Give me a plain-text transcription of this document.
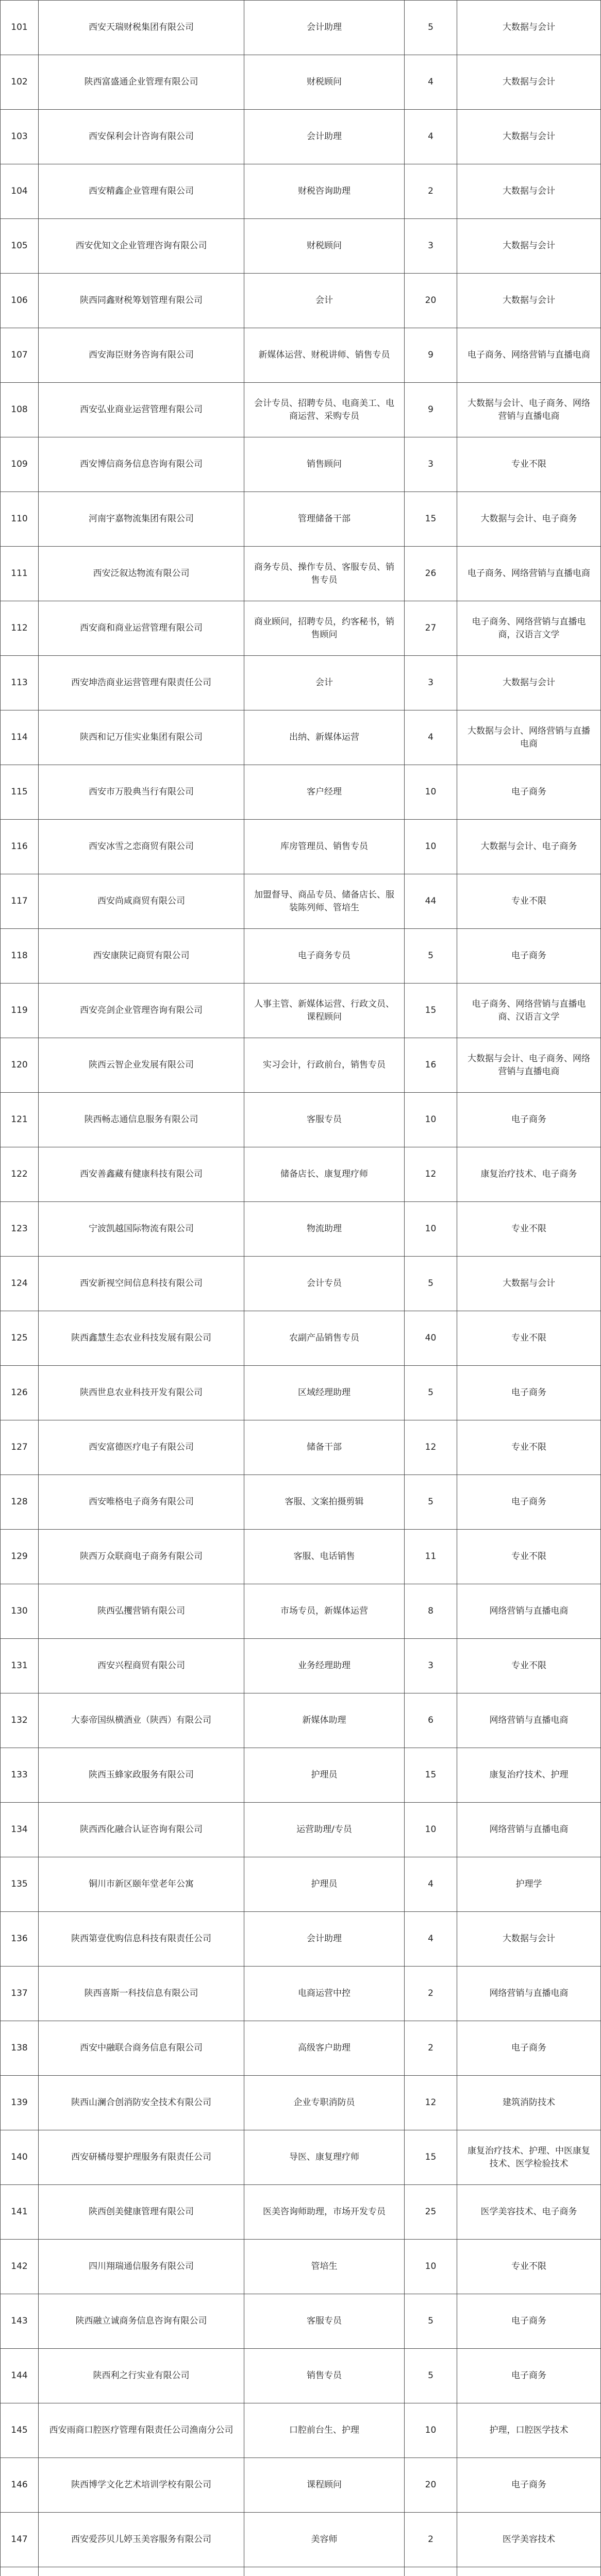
101	西安天瑞财税集团有限公司	会计助理	5	大数据与会计
102	陕西富盛通企业管理有限公司	财税顾问	4	大数据与会计
103	西安保利会计咨询有限公司	会计助理	4	大数据与会计
104	西安精鑫企业管理有限公司	财税咨询助理	2	大数据与会计
105	西安优知文企业管理咨询有限公司	财税顾问	3	大数据与会计
106	陕西同鑫财税筹划管理有限公司	会计	20	大数据与会计
107	西安海臣财务咨询有限公司	新媒体运营、财税讲师、销售专员	9	电子商务、网络营销与直播电商
108	西安弘业商业运营管理有限公司	会计专员、招聘专员、电商美工、电商运营、采购专员	9	大数据与会计、电子商务、网络营销与直播电商
109	西安博信商务信息咨询有限公司	销售顾问	3	专业不限
110	河南宇嘉物流集团有限公司	管理储备干部	15	大数据与会计、电子商务
111	西安泛叙达物流有限公司	商务专员、操作专员、客服专员、销售专员	26	电子商务、网络营销与直播电商
112	西安商和商业运营管理有限公司	商业顾问，招聘专员，约客秘书，销售顾问	27	电子商务、网络营销与直播电商，汉语言文学
113	西安坤浩商业运营管理有限责任公司	会计	3	大数据与会计
114	陕西和记万佳实业集团有限公司	出纳、新媒体运营	4	大数据与会计、网络营销与直播电商
115	西安市万股典当行有限公司	客户经理	10	电子商务
116	西安冰雪之恋商贸有限公司	库房管理员、销售专员	10	大数据与会计、电子商务
117	西安尚咸商贸有限公司	加盟督导、商品专员、储备店长、服装陈列师、管培生	44	专业不限
118	西安康陕记商贸有限公司	电子商务专员	5	电子商务
119	西安亮剑企业管理咨询有限公司	人事主管、新媒体运营、行政文员、课程顾问	15	电子商务、网络营销与直播电商、汉语言文学
120	陕西云智企业发展有限公司	实习会计，行政前台，销售专员	16	大数据与会计、电子商务、网络营销与直播电商
121	陕西畅志通信息服务有限公司	客服专员	10	电子商务
122	西安善鑫藏有健康科技有限公司	储备店长、康复理疗师	12	康复治疗技术、电子商务
123	宁波凯越国际物流有限公司	物流助理	10	专业不限
124	西安新视空间信息科技有限公司	会计专员	5	大数据与会计
125	陕西鑫慧生态农业科技发展有限公司	农副产品销售专员	40	专业不限
126	陕西世息农业科技开发有限公司	区域经理助理	5	电子商务
127	西安富德医疗电子有限公司	储备干部	12	专业不限
128	西安唯格电子商务有限公司	客服、文案拍摄剪辑	5	电子商务
129	陕西万众联商电子商务有限公司	客服、电话销售	11	专业不限
130	陕西弘攫营销有限公司	市场专员，新媒体运营	8	网络营销与直播电商
131	西安兴程商贸有限公司	业务经理助理	3	专业不限
132	大泰帝国纵横酒业（陕西）有限公司	新媒体助理	6	网络营销与直播电商
133	陕西玉蜂家政服务有限公司	护理员	15	康复治疗技术、护理
134	陕西西化融合认证咨询有限公司	运营助理/专员	10	网络营销与直播电商
135	铜川市新区颐年堂老年公寓	护理员	4	护理学
136	陕西第壹优购信息科技有限责任公司	会计助理	4	大数据与会计
137	陕西喜斯一科技信息有限公司	电商运营中控	2	网络营销与直播电商
138	西安中融联合商务信息有限公司	高级客户助理	2	电子商务
139	陕西山澜合创消防安全技术有限公司	企业专职消防员	12	建筑消防技术
140	西安研橘母婴护理服务有限责任公司	导医、康复理疗师	15	康复治疗技术、护理、中医康复技术、医学检验技术
141	陕西创美健康管理有限公司	医美咨询师助理，市场开发专员	25	医学美容技术、电子商务
142	四川翔瑞通信服务有限公司	管培生	10	专业不限
143	陕西融立诚商务信息咨询有限公司	客服专员	5	电子商务
144	陕西利之行实业有限公司	销售专员	5	电子商务
145	西安雨商口腔医疗管理有限责任公司渔南分公司	口腔前台生、护理	10	护理，口腔医学技术
146	陕西博学文化艺术培训学校有限公司	课程顾问	20	电子商务
147	西安爱莎贝儿婷玉美容服务有限公司	美容师	2	医学美容技术
